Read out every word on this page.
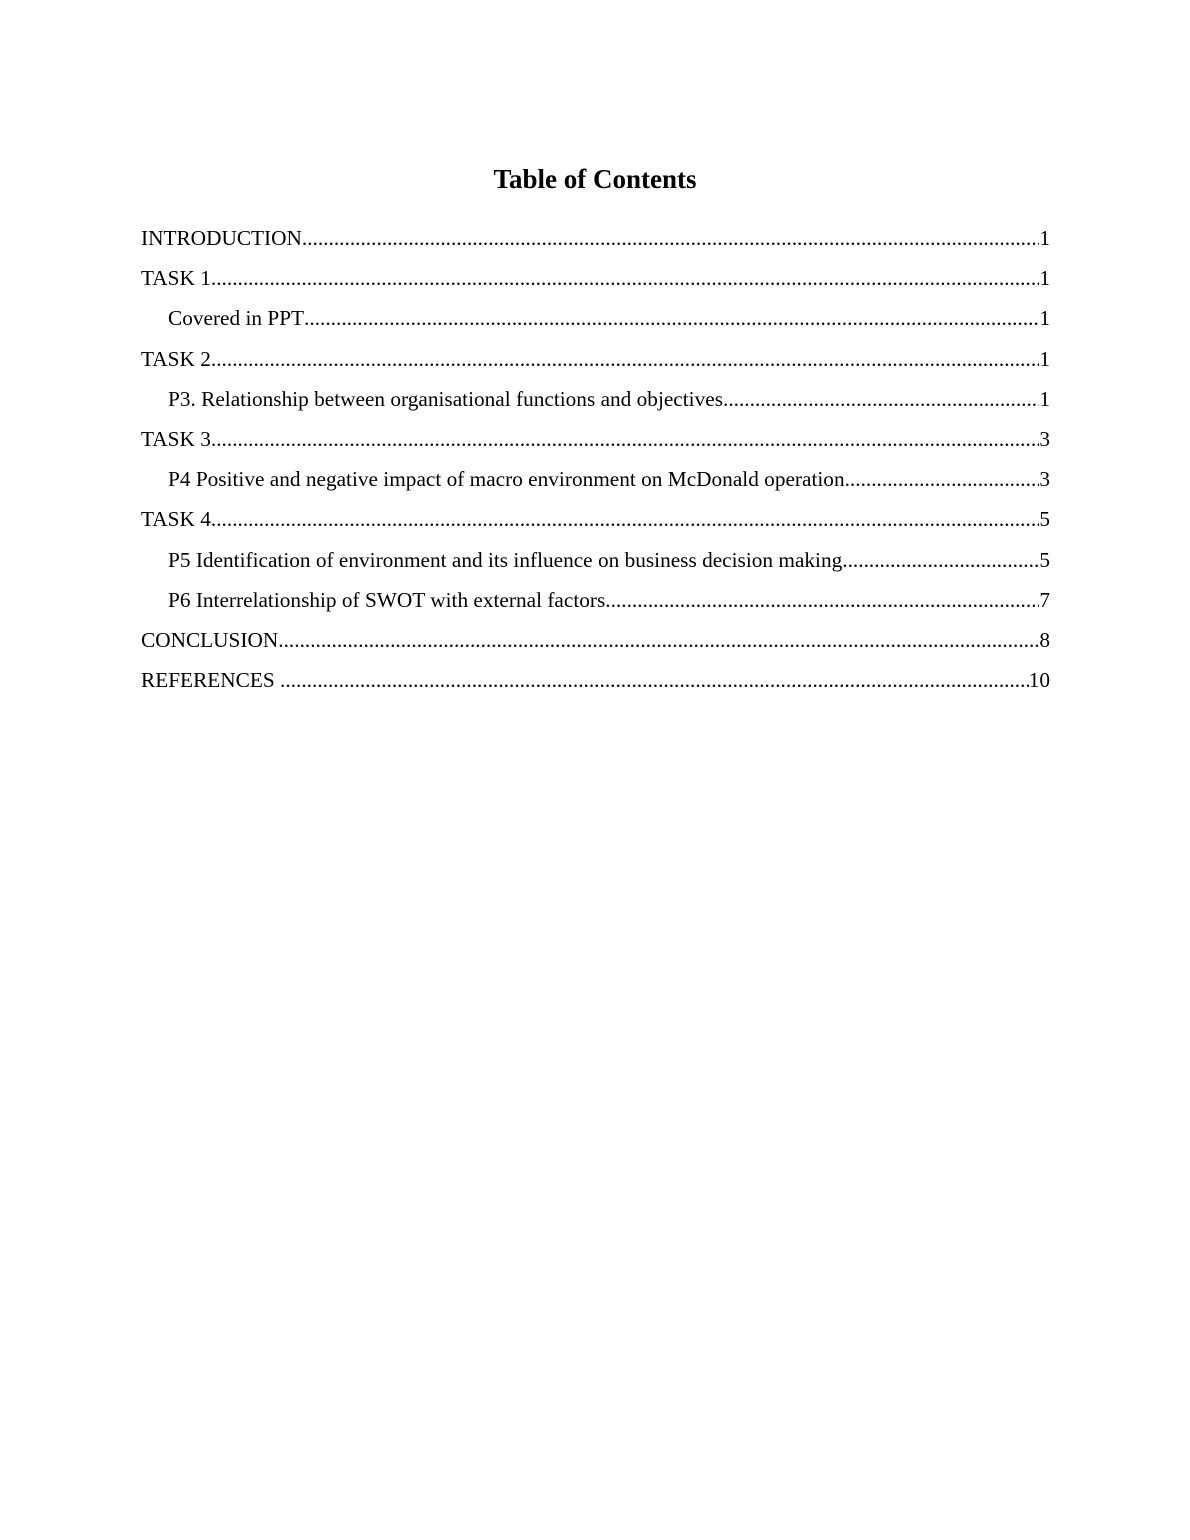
Table of Contents
INTRODUCTION .....	1
TASK 1 .....	1
Covered in PPT .....	1
TASK 2 .....	1
P3. Relationship between organisational functions and objectives .....	1
TASK 3 .....	3
P4 Positive and negative impact of macro environment on McDonald operation .....	3
TASK 4 .....	5
P5 Identification of environment and its influence on business decision making .....	5
P6 Interrelationship of SWOT with external factors .....	7
CONCLUSION .....	8
REFERENCES .....	10
